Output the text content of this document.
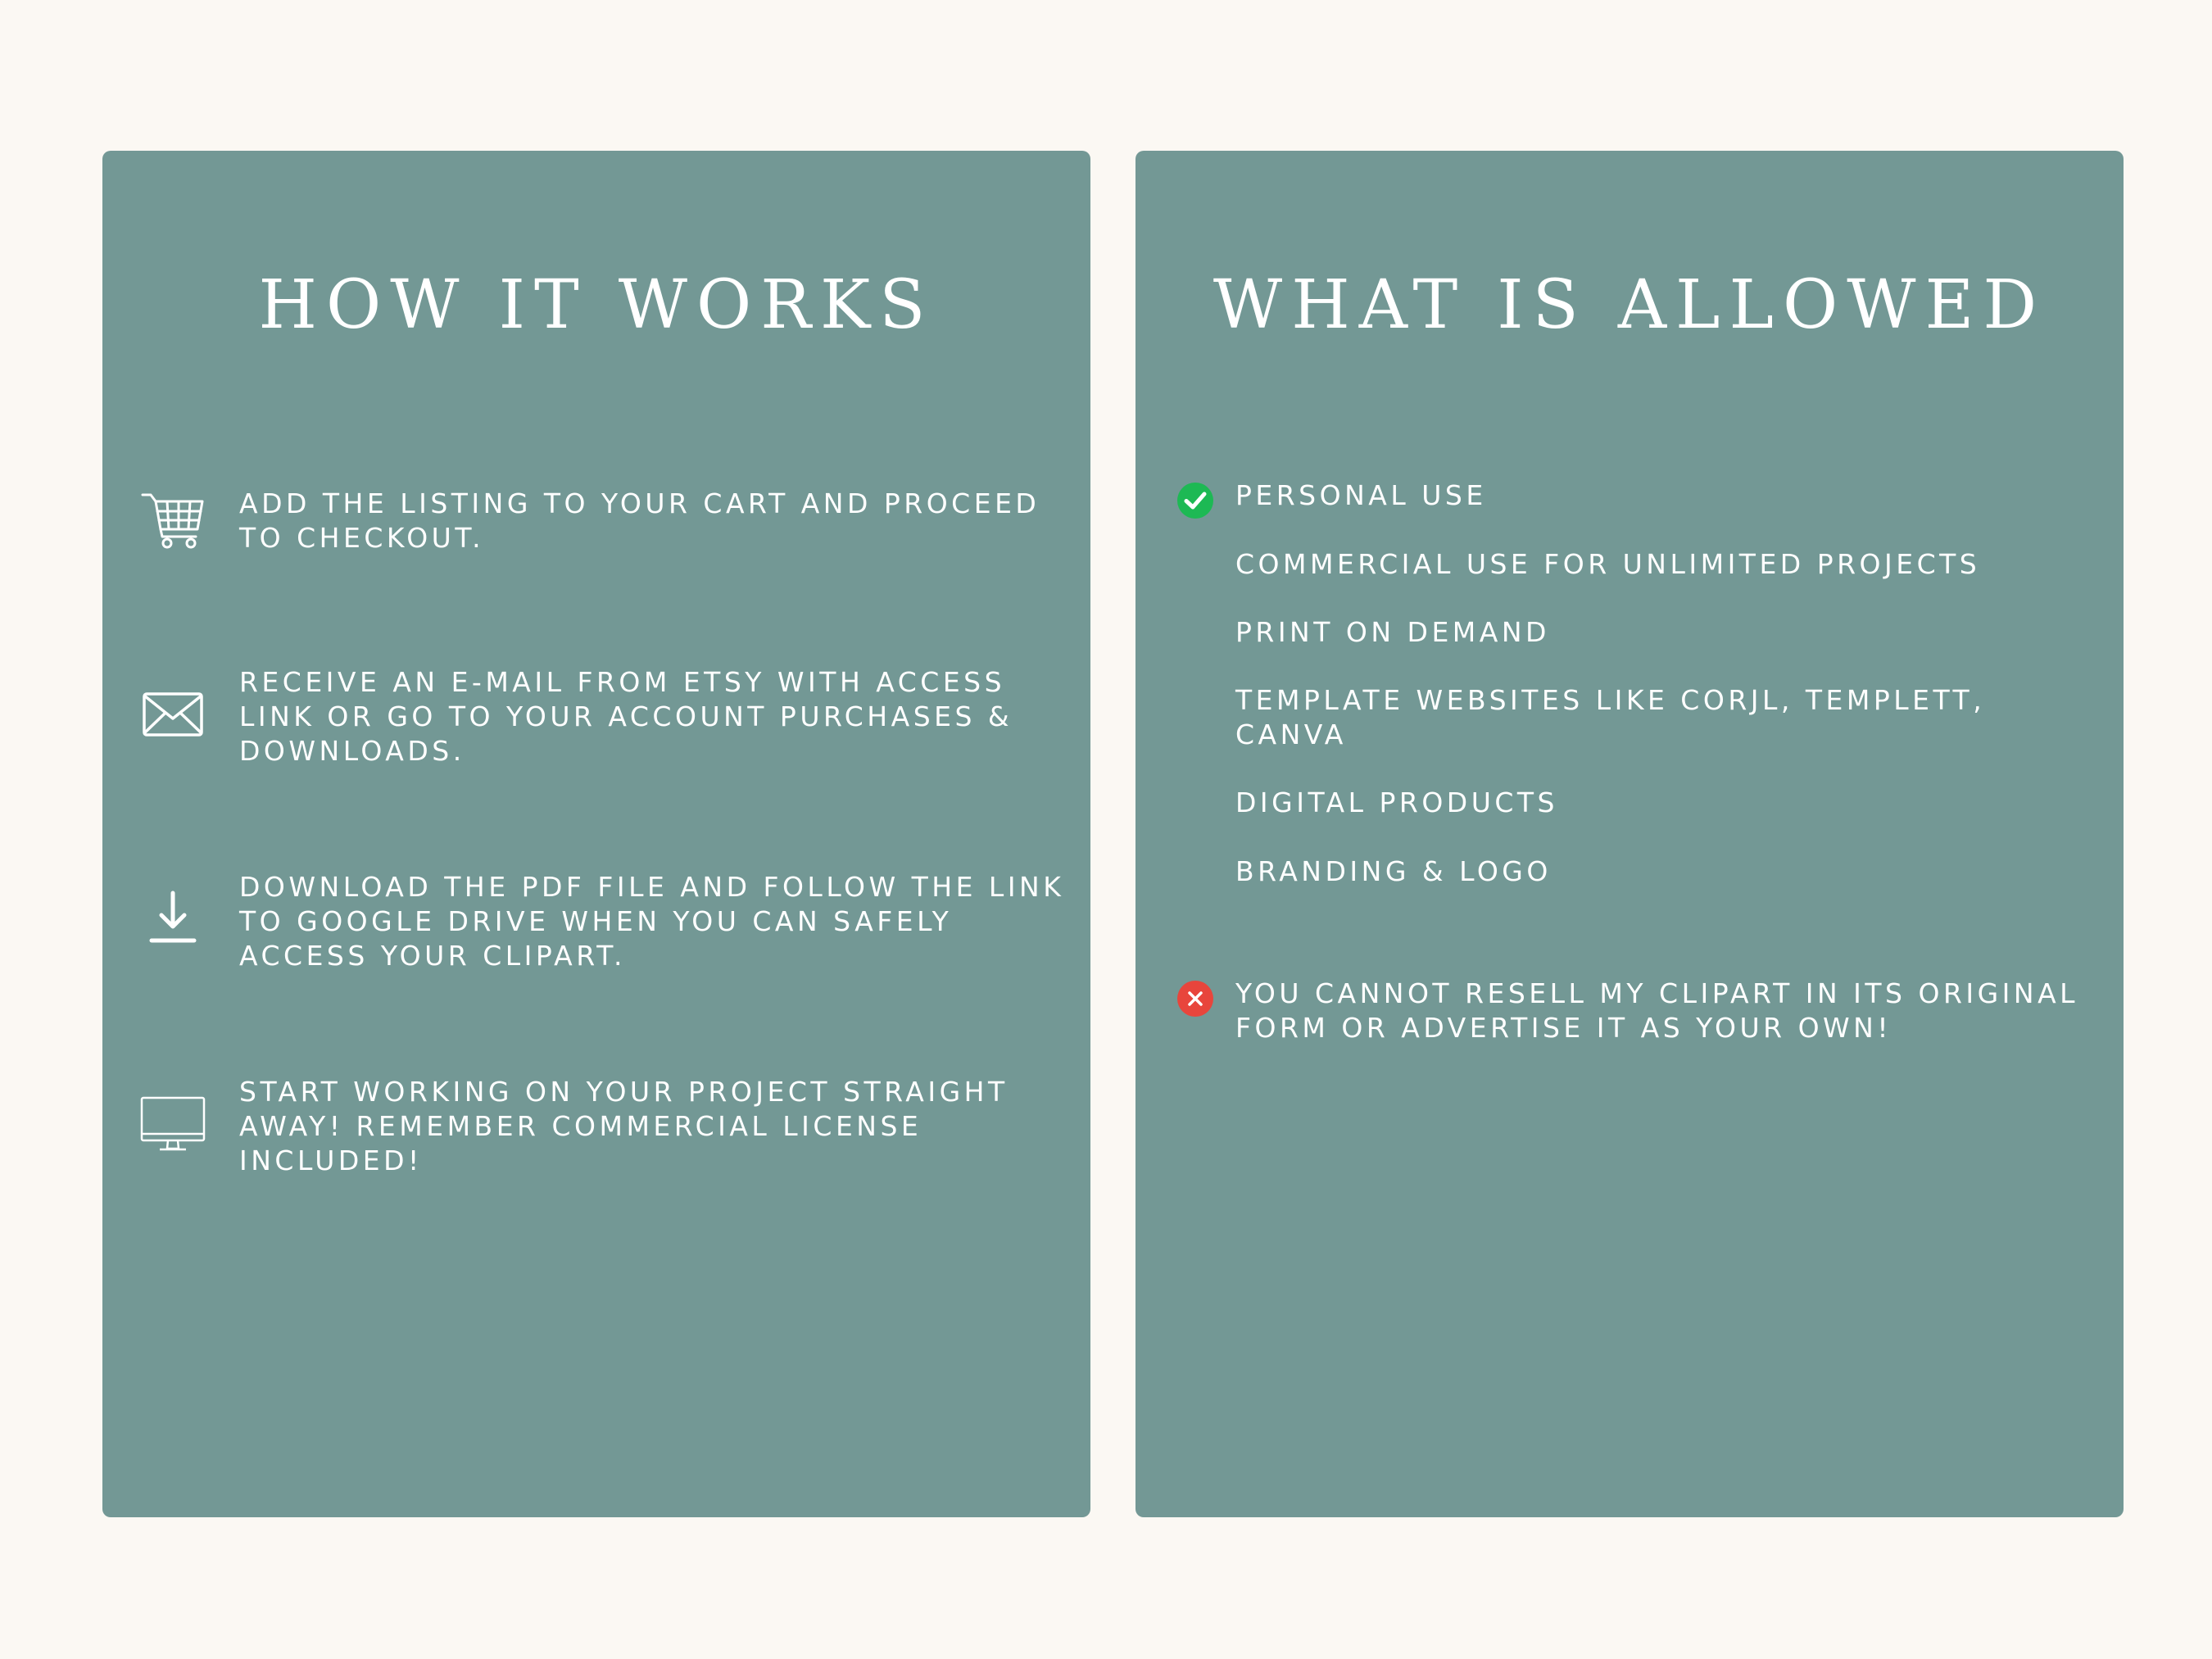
HOW IT WORKS
ADD THE LISTING TO YOUR CART AND PROCEED TO CHECKOUT.
RECEIVE AN E-MAIL FROM ETSY WITH ACCESS LINK OR GO TO YOUR ACCOUNT PURCHASES & DOWNLOADS.
DOWNLOAD THE PDF FILE AND FOLLOW THE LINK TO GOOGLE DRIVE WHEN YOU CAN SAFELY ACCESS YOUR CLIPART.
START WORKING ON YOUR PROJECT STRAIGHT AWAY! REMEMBER COMMERCIAL LICENSE INCLUDED!
WHAT IS ALLOWED
PERSONAL USE
COMMERCIAL USE FOR UNLIMITED PROJECTS
PRINT ON DEMAND
TEMPLATE WEBSITES LIKE CORJL, TEMPLETT, CANVA
DIGITAL PRODUCTS
BRANDING & LOGO
YOU CANNOT RESELL MY CLIPART IN ITS ORIGINAL FORM OR ADVERTISE IT AS YOUR OWN!
